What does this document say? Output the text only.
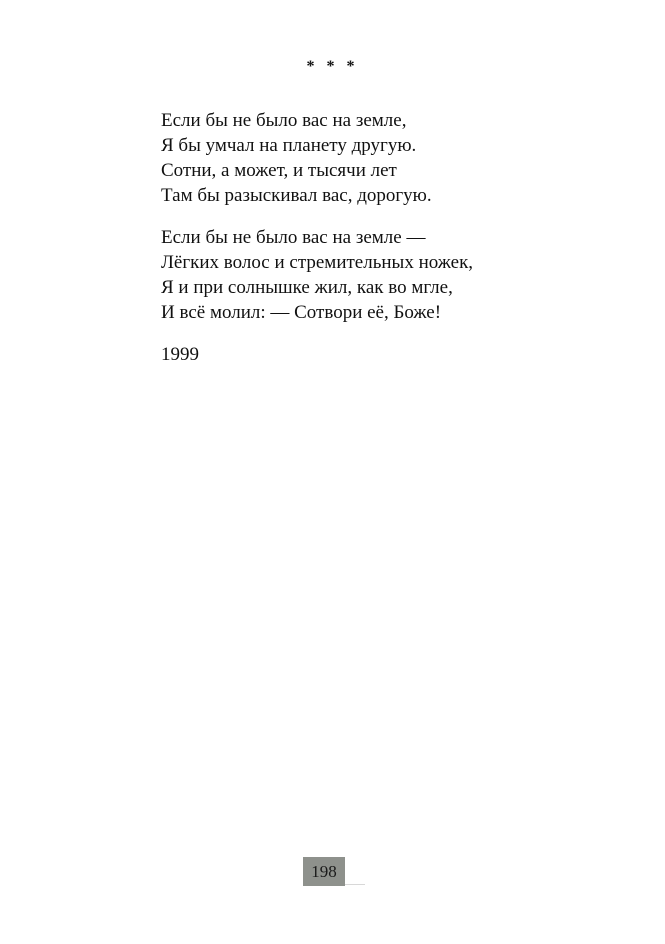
* * *
Если бы не было вас на земле,
Я бы умчал на планету другую.
Сотни, а может, и тысячи лет
Там бы разыскивал вас, дорогую.
Если бы не было вас на земле —
Лёгких волос и стремительных ножек,
Я и при солнышке жил, как во мгле,
И всё молил: — Сотвори её, Боже!
1999
198
